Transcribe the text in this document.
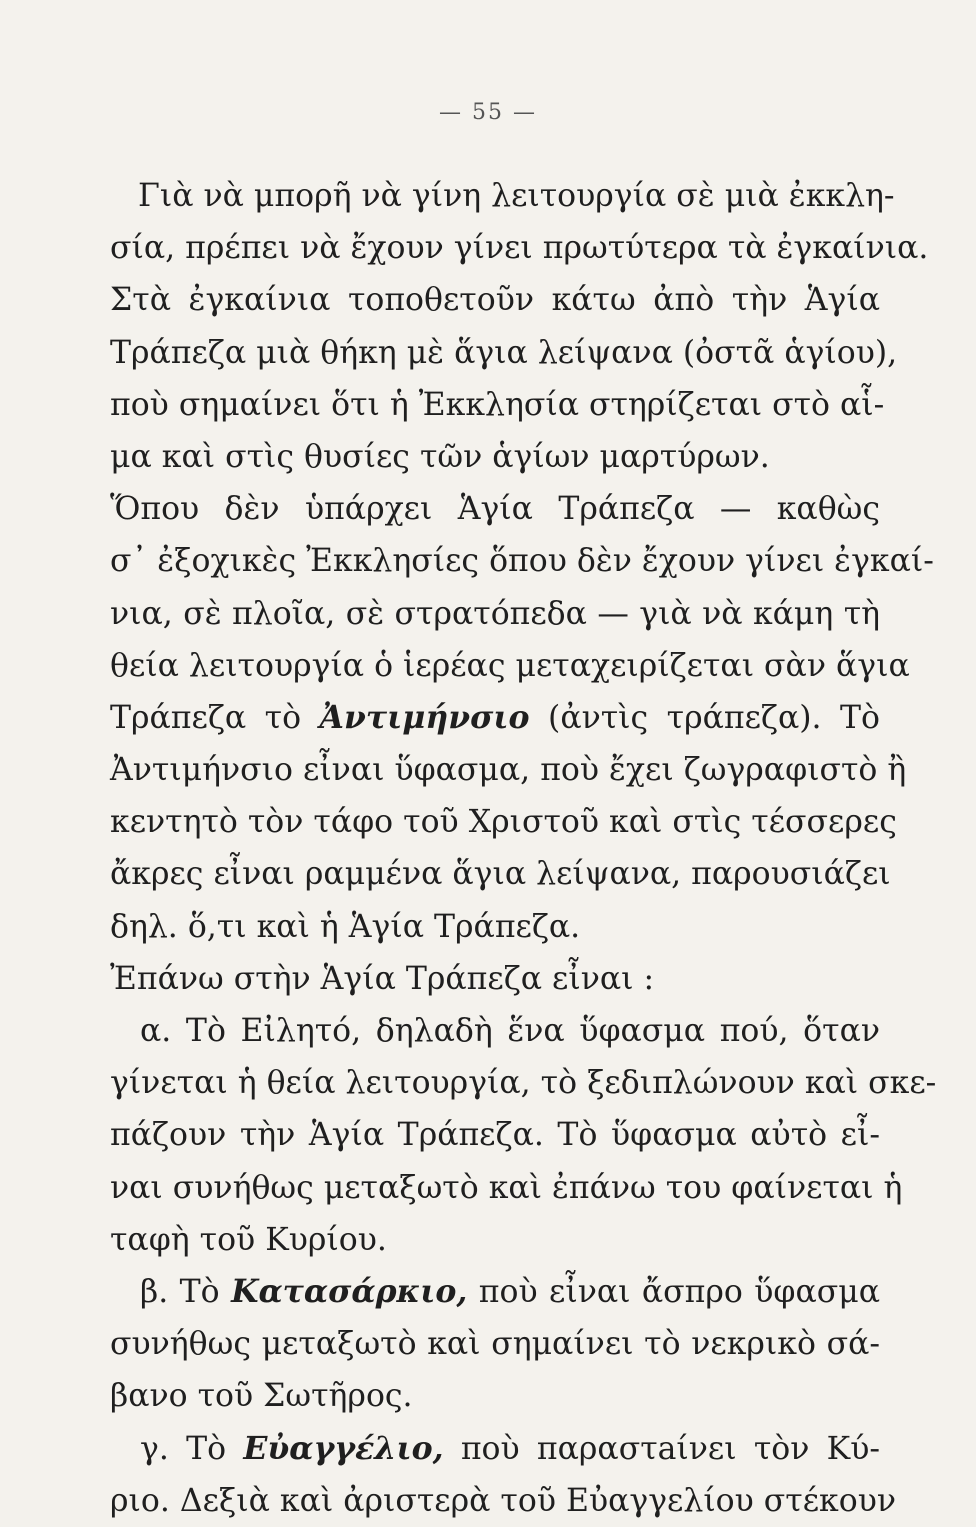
— 55 —
Γιὰ νὰ μπορῆ νὰ γίνη λειτουργία σὲ μιὰ ἐκκλη-
σία, πρέπει νὰ ἔχουν γίνει πρωτύτερα τὰ ἐγκαίνια.
Στὰ ἐγκαίνια τοποθετοῦν κάτω ἀπὸ τὴν Ἁγία
Τράπεζα μιὰ θήκη μὲ ἅγια λείψανα (ὀστᾶ ἁγίου),
ποὺ σημαίνει ὅτι ἡ Ἐκκλησία στηρίζεται στὸ αἷ-
μα καὶ στὶς θυσίες τῶν ἁγίων μαρτύρων.
Ὅπου δὲν ὑπάρχει Ἁγία Τράπεζα — καθὼς
σ᾽ ἐξοχικὲς Ἐκκλησίες ὅπου δὲν ἔχουν γίνει ἐγκαί-
νια, σὲ πλοῖα, σὲ στρατόπεδα — γιὰ νὰ κάμη τὴ
θεία λειτουργία ὁ ἱερέας μεταχειρίζεται σὰν ἅγια
Τράπεζα τὸ Ἀντιμήνσιο (ἀντὶς τράπεζα). Τὸ
Ἀντιμήνσιο εἶναι ὕφασμα, ποὺ ἔχει ζωγραφιστὸ ἢ
κεντητὸ τὸν τάφο τοῦ Χριστοῦ καὶ στὶς τέσσερες
ἄκρες εἶναι ραμμένα ἅγια λείψανα, παρουσιάζει
δηλ. ὅ,τι καὶ ἡ Ἁγία Τράπεζα.
Ἐπάνω στὴν Ἁγία Τράπεζα εἶναι :
α. Τὸ Εἰλητό, δηλαδὴ ἕνα ὕφασμα πού, ὅταν
γίνεται ἡ θεία λειτουργία, τὸ ξεδιπλώνουν καὶ σκε-
πάζουν τὴν Ἁγία Τράπεζα. Τὸ ὕφασμα αὐτὸ εἶ-
ναι συνήθως μεταξωτὸ καὶ ἐπάνω του φαίνεται ἡ
ταφὴ τοῦ Κυρίου.
β. Τὸ Κατασάρκιο, ποὺ εἶναι ἄσπρο ὕφασμα
συνήθως μεταξωτὸ καὶ σημαίνει τὸ νεκρικὸ σά-
βανο τοῦ Σωτῆρος.
γ. Τὸ Εὐαγγέλιο, ποὺ παραστaίνει τὸν Κύ-
ριο. Δεξιὰ καὶ ἀριστερὰ τοῦ Εὐαγγελίου στέκουν
